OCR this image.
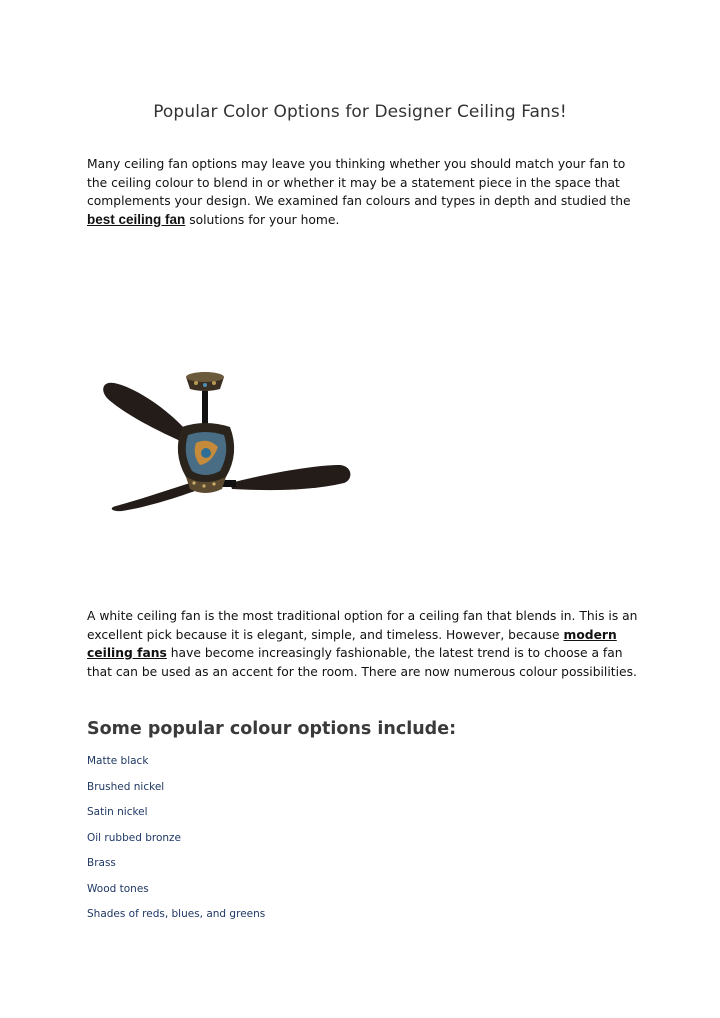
Popular Color Options for Designer Ceiling Fans!

Many ceiling fan options may leave you thinking whether you should match your fan to the ceiling colour to blend in or whether it may be a statement piece in the space that complements your design. We examined fan colours and types in depth and studied the best ceiling fan solutions for your home.

A white ceiling fan is the most traditional option for a ceiling fan that blends in. This is an excellent pick because it is elegant, simple, and timeless. However, because modern ceiling fans have become increasingly fashionable, the latest trend is to choose a fan that can be used as an accent for the room. There are now numerous colour possibilities.

Some popular colour options include:
Matte black
Brushed nickel
Satin nickel
Oil rubbed bronze
Brass
Wood tones
Shades of reds, blues, and greens
